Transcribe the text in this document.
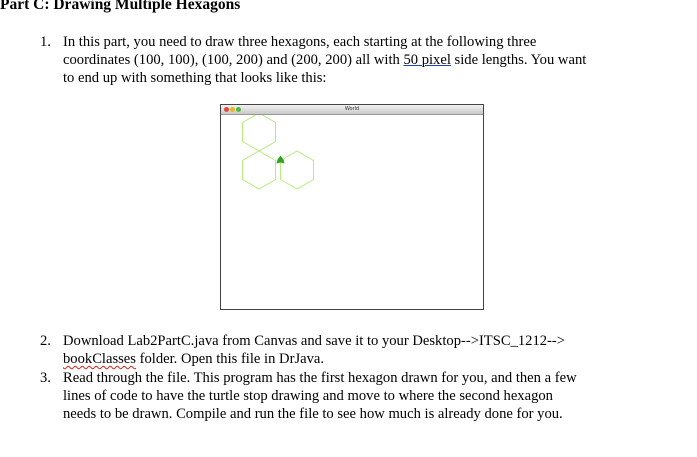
Part C: Drawing Multiple Hexagons
1. In this part, you need to draw three hexagons, each starting at the following three
coordinates (100, 100), (100, 200) and (200, 200) all with 50 pixel side lengths. You want
to end up with something that looks like this:
World
2. Download Lab2PartC.java from Canvas and save it to your Desktop-->ITSC_1212-->
bookClasses folder. Open this file in DrJava.
3. Read through the file. This program has the first hexagon drawn for you, and then a few
lines of code to have the turtle stop drawing and move to where the second hexagon
needs to be drawn. Compile and run the file to see how much is already done for you.
